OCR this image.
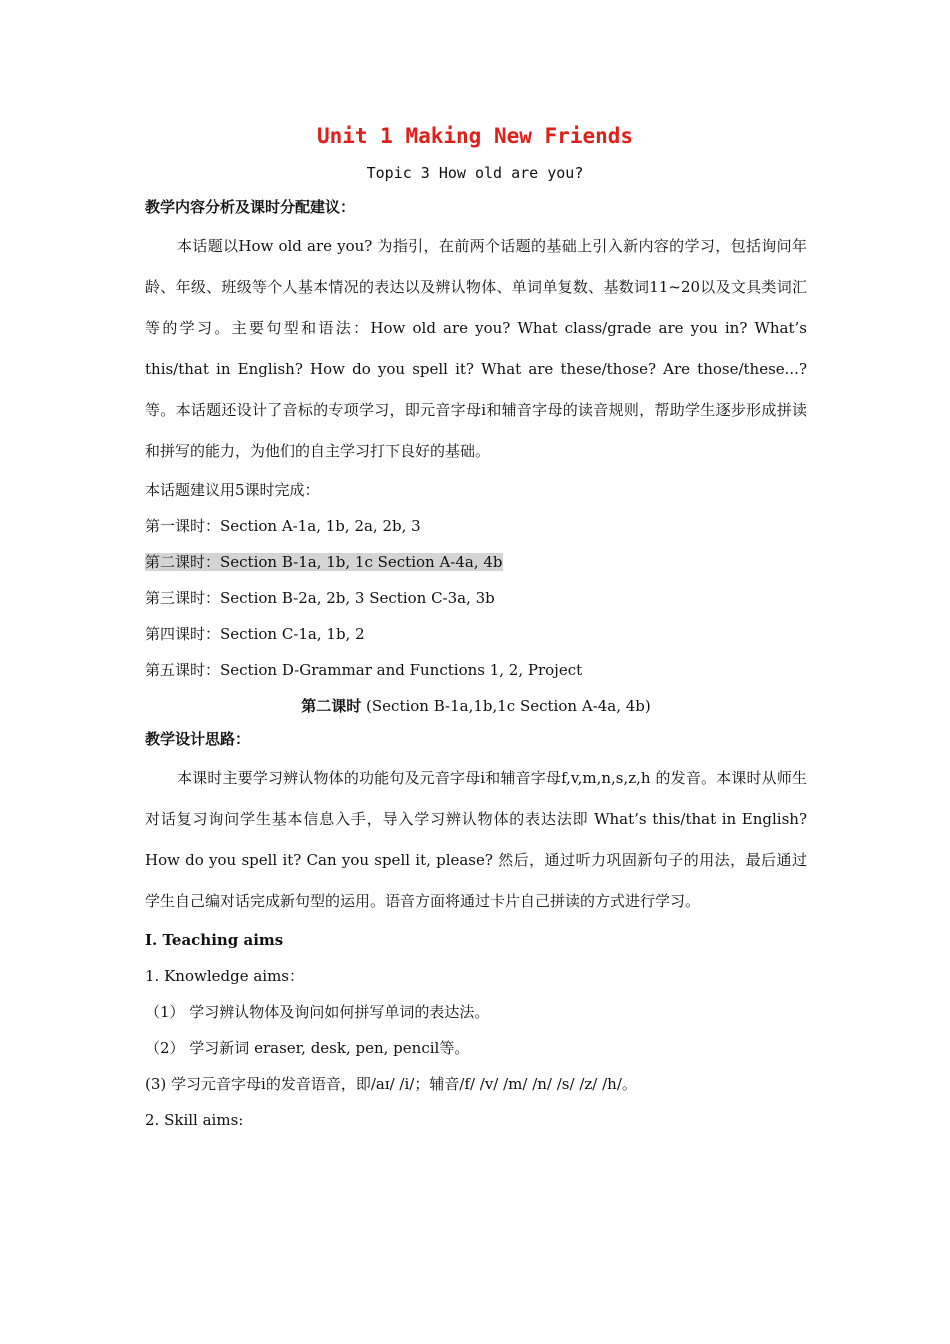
Unit 1 Making New Friends
Topic 3 How old are you?

教学内容分析及课时分配建议：

本话题以How old are you? 为指引，在前两个话题的基础上引入新内容的学习，包括询问年龄、年级、班级等个人基本情况的表达以及辨认物体、单词单复数、基数词11~20以及文具类词汇等的学习。主要句型和语法：How old are you? What class/grade are you in? What’s this/that in English? How do you spell it? What are these/those? Are those/these...?等。本话题还设计了音标的专项学习，即元音字母i和辅音字母的读音规则，帮助学生逐步形成拼读和拼写的能力，为他们的自主学习打下良好的基础。

本话题建议用5课时完成：

第一课时：Section A-1a, 1b, 2a, 2b, 3

第二课时：Section B-1a, 1b, 1c Section A-4a, 4b

第三课时：Section B-2a, 2b, 3 Section C-3a, 3b

第四课时：Section C-1a, 1b, 2

第五课时：Section D-Grammar and Functions 1, 2, Project

第二课时 (Section B-1a,1b,1c Section A-4a, 4b)

教学设计思路：

本课时主要学习辨认物体的功能句及元音字母i和辅音字母f,v,m,n,s,z,h 的发音。本课时从师生对话复习询问学生基本信息入手，导入学习辨认物体的表达法即 What’s this/that in English? How do you spell it? Can you spell it, please? 然后，通过听力巩固新句子的用法，最后通过学生自己编对话完成新句型的运用。语音方面将通过卡片自己拼读的方式进行学习。

Ⅰ. Teaching aims

1. Knowledge aims：

（1） 学习辨认物体及询问如何拼写单词的表达法。

（2） 学习新词 eraser, desk, pen, pencil等。

(3) 学习元音字母i的发音语音，即/aɪ/ /i/；辅音/f/ /v/ /m/ /n/ /s/ /z/ /h/。

2. Skill aims:
